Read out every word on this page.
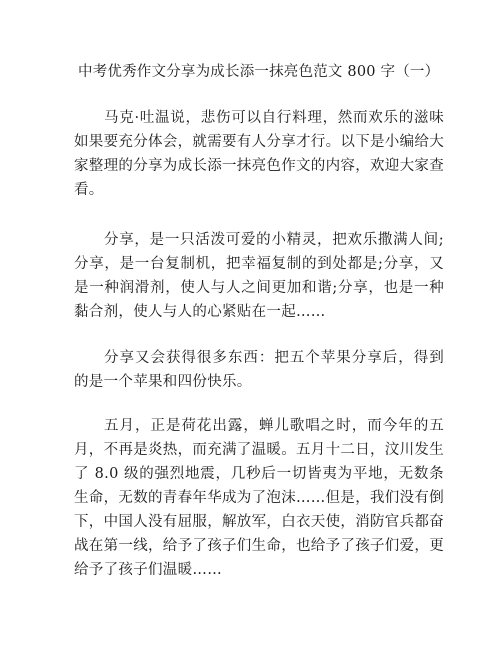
中考优秀作文分享为成长添一抹亮色范文 800 字（一）
马克·吐温说，悲伤可以自行料理，然而欢乐的滋味如果要充分体会，就需要有人分享才行。以下是小编给大家整理的分享为成长添一抹亮色作文的内容，欢迎大家查看。
分享，是一只活泼可爱的小精灵，把欢乐撒满人间;分享，是一台复制机，把幸福复制的到处都是;分享，又是一种润滑剂，使人与人之间更加和谐;分享，也是一种黏合剂，使人与人的心紧贴在一起……
分享又会获得很多东西：把五个苹果分享后，得到的是一个苹果和四份快乐。
五月，正是荷花出露，蝉儿歌唱之时，而今年的五月，不再是炎热，而充满了温暖。五月十二日，汶川发生了 8.0 级的强烈地震，几秒后一切皆夷为平地，无数条生命，无数的青春年华成为了泡沫……但是，我们没有倒下，中国人没有屈服，解放军，白衣天使，消防官兵都奋战在第一线，给予了孩子们生命，也给予了孩子们爱，更给予了孩子们温暖……
